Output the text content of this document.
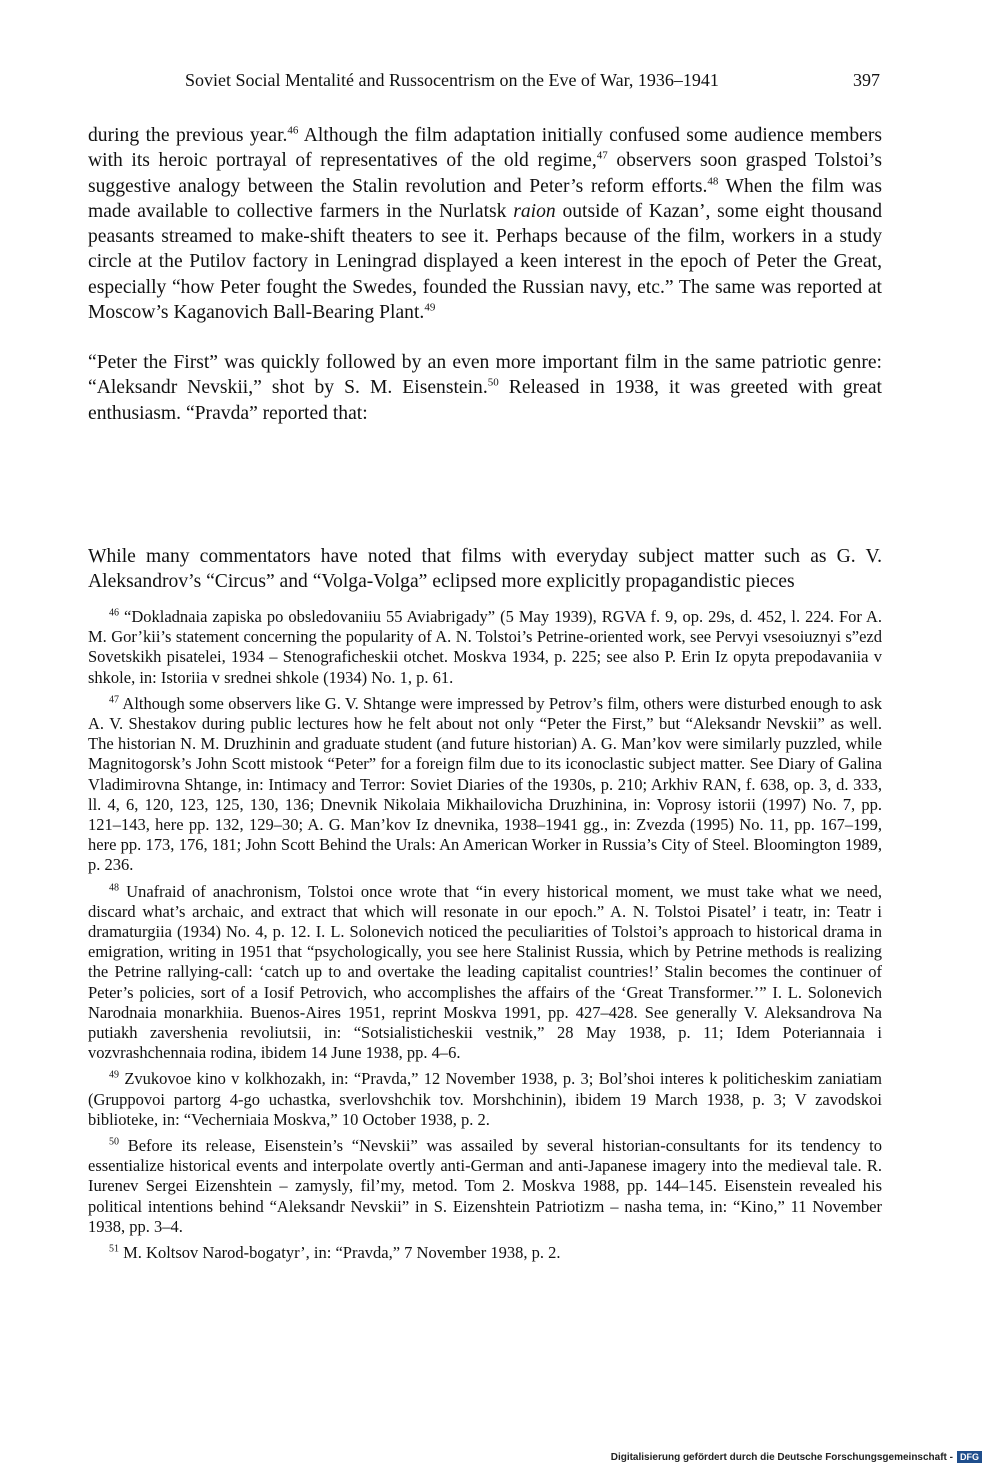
Soviet Social Mentalité and Russocentrism on the Eve of War, 1936–1941	397
during the previous year.$^{46}$ Although the film adaptation initially confused some audience members with its heroic portrayal of representatives of the old regime,$^{47}$ observers soon grasped Tolstoi’s suggestive analogy between the Stalin revolution and Peter’s reform efforts.$^{48}$ When the film was made available to collective farmers in the Nurlatsk raion outside of Kazan’, some eight thousand peasants streamed to make-shift theaters to see it. Perhaps because of the film, workers in a study circle at the Putilov factory in Leningrad displayed a keen interest in the epoch of Peter the Great, especially “how Peter fought the Swedes, founded the Russian navy, etc.” The same was reported at Moscow’s Kaganovich Ball-Bearing Plant.$^{49}$
“Peter the First” was quickly followed by an even more important film in the same patriotic genre: “Aleksandr Nevskii,” shot by S. M. Eisenstein.$^{50}$ Released in 1938, it was greeted with great enthusiasm. “Pravda” reported that:
While many commentators have noted that films with everyday subject matter such as G. V. Aleksandrov’s “Circus” and “Volga-Volga” eclipsed more explicitly propagandistic pieces

$^{46}$ “Dokladnaia zapiska po obsledovaniiu 55 Aviabrigady” (5 May 1939), RGVA f. 9, op. 29s, d. 452, l. 224. For A. M. Gor’kii’s statement concerning the popularity of A. N. Tolstoi’s Petrine-oriented work, see Pervyi vsesoiuznyi s”ezd Sovetskikh pisatelei, 1934 – Stenograficheskii otchet. Moskva 1934, p. 225; see also P. Erin Iz opyta prepodavaniia v shkole, in: Istoriia v srednei shkole (1934) No. 1, p. 61.

$^{47}$ Although some observers like G. V. Shtange were impressed by Petrov’s film, others were disturbed enough to ask A. V. Shestakov during public lectures how he felt about not only “Peter the First,” but “Aleksandr Nevskii” as well. The historian N. M. Druzhinin and graduate student (and future historian) A. G. Man’kov were similarly puzzled, while Magnitogorsk’s John Scott mistook “Peter” for a foreign film due to its iconoclastic subject matter. See Diary of Galina Vladimirovna Shtange, in: Intimacy and Terror: Soviet Diaries of the 1930s, p. 210; Arkhiv RAN, f. 638, op. 3, d. 333, ll. 4, 6, 120, 123, 125, 130, 136; Dnevnik Nikolaia Mikhailovicha Druzhinina, in: Voprosy istorii (1997) No. 7, pp. 121–143, here pp. 132, 129–30; A. G. Man’kov Iz dnevnika, 1938–1941 gg., in: Zvezda (1995) No. 11, pp. 167–199, here pp. 173, 176, 181; John Scott Behind the Urals: An American Worker in Russia’s City of Steel. Bloomington 1989, p. 236.

$^{48}$ Unafraid of anachronism, Tolstoi once wrote that “in every historical moment, we must take what we need, discard what’s archaic, and extract that which will resonate in our epoch.” A. N. Tolstoi Pisatel’ i teatr, in: Teatr i dramaturgiia (1934) No. 4, p. 12. I. L. Solonevich noticed the peculiarities of Tolstoi’s approach to historical drama in emigration, writing in 1951 that “psychologically, you see here Stalinist Russia, which by Petrine methods is realizing the Petrine rallying-call: ‘catch up to and overtake the leading capitalist countries!’ Stalin becomes the continuer of Peter’s policies, sort of a Iosif Petrovich, who accomplishes the affairs of the ‘Great Transformer.’” I. L. Solonevich Narodnaia monarkhiia. Buenos-Aires 1951, reprint Moskva 1991, pp. 427–428. See generally V. Aleksandrova Na putiakh zavershenia revoliutsii, in: “Sotsialisticheskii vestnik,” 28 May 1938, p. 11; Idem Poteriannaia i vozvrashchennaia rodina, ibidem 14 June 1938, pp. 4–6.

$^{49}$ Zvukovoe kino v kolkhozakh, in: “Pravda,” 12 November 1938, p. 3; Bol’shoi interes k politicheskim zaniatiam (Gruppovoi partorg 4-go uchastka, sverlovshchik tov. Morshchinin), ibidem 19 March 1938, p. 3; V zavodskoi biblioteke, in: “Vecherniaia Moskva,” 10 October 1938, p. 2.

$^{50}$ Before its release, Eisenstein’s “Nevskii” was assailed by several historian-consultants for its tendency to essentialize historical events and interpolate overtly anti-German and anti-Japanese imagery into the medieval tale. R. Iurenev Sergei Eizenshtein – zamysly, fil’my, metod. Tom 2. Moskva 1988, pp. 144–145. Eisenstein revealed his political intentions behind “Aleksandr Nevskii” in S. Eizenshtein Patriotizm – nasha tema, in: “Kino,” 11 November 1938, pp. 3–4.

$^{51}$ M. Koltsov Narod-bogatyr’, in: “Pravda,” 7 November 1938, p. 2.

Digitalisierung gefördert durch die Deutsche Forschungsgemeinschaft - DFG
